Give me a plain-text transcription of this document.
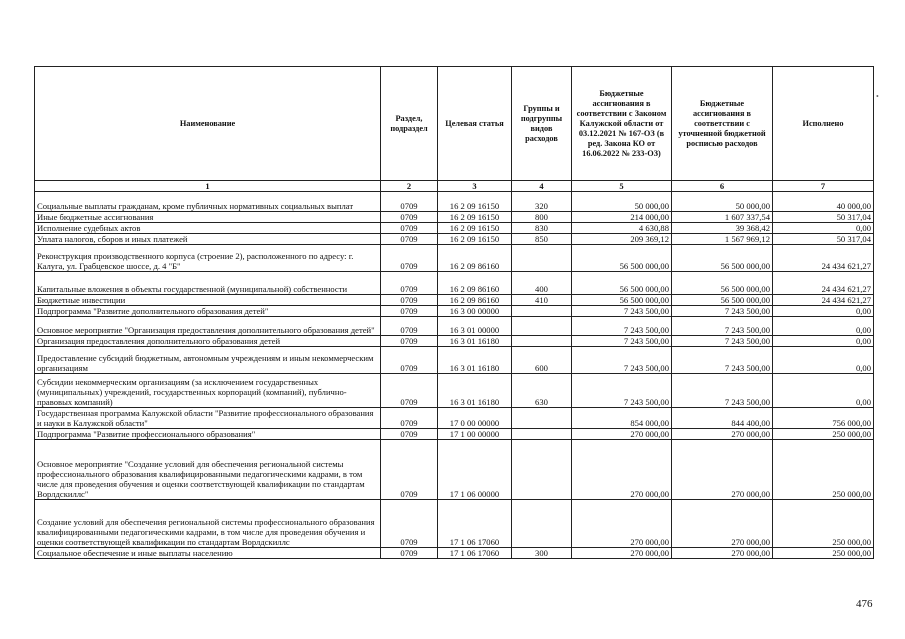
Наименование	Раздел, подраздел	Целевая статья	Группы и подгруппы видов расходов	Бюджетные ассигнования в соответствии с Законом Калужской области от 03.12.2021 № 167-ОЗ (в ред. Закона КО от 16.06.2022 № 233-ОЗ)	Бюджетные ассигнования в соответствии с уточненной бюджетной росписью расходов	Исполнено
1	2	3	4	5	6	7
Социальные выплаты гражданам, кроме публичных нормативных социальных выплат	0709	16 2 09 16150	320	50 000,00	50 000,00	40 000,00
Иные бюджетные ассигнования	0709	16 2 09 16150	800	214 000,00	1 607 337,54	50 317,04
Исполнение судебных актов	0709	16 2 09 16150	830	4 630,88	39 368,42	0,00
Уплата налогов, сборов и иных платежей	0709	16 2 09 16150	850	209 369,12	1 567 969,12	50 317,04
Реконструкция производственного корпуса (строение 2), расположенного по адресу: г. Калуга, ул. Грабцевское шоссе, д. 4 "Б"	0709	16 2 09 86160		56 500 000,00	56 500 000,00	24 434 621,27
Капитальные вложения в объекты государственной (муниципальной) собственности	0709	16 2 09 86160	400	56 500 000,00	56 500 000,00	24 434 621,27
Бюджетные инвестиции	0709	16 2 09 86160	410	56 500 000,00	56 500 000,00	24 434 621,27
Подпрограмма "Развитие дополнительного образования детей"	0709	16 3 00 00000		7 243 500,00	7 243 500,00	0,00
Основное мероприятие "Организация предоставления дополнительного образования детей"	0709	16 3 01 00000		7 243 500,00	7 243 500,00	0,00
Организация предоставления дополнительного образования детей	0709	16 3 01 16180		7 243 500,00	7 243 500,00	0,00
Предоставление субсидий бюджетным, автономным учреждениям и иным некоммерческим организациям	0709	16 3 01 16180	600	7 243 500,00	7 243 500,00	0,00
Субсидии некоммерческим организациям (за исключением государственных (муниципальных) учреждений, государственных корпораций (компаний), публично-правовых компаний)	0709	16 3 01 16180	630	7 243 500,00	7 243 500,00	0,00
Государственная программа Калужской области "Развитие профессионального образования и науки в Калужской области"	0709	17 0 00 00000		854 000,00	844 400,00	756 000,00
Подпрограмма "Развитие профессионального образования"	0709	17 1 00 00000		270 000,00	270 000,00	250 000,00
Основное мероприятие "Создание условий для обеспечения региональной системы профессионального образования квалифицированными педагогическими кадрами, в том числе для проведения обучения и оценки соответствующей квалификации по стандартам Ворлдскиллс"	0709	17 1 06 00000		270 000,00	270 000,00	250 000,00
Создание условий для обеспечения региональной системы профессионального образования квалифицированными педагогическими кадрами, в том числе для проведения обучения и оценки соответствующей квалификации по стандартам Ворлдскиллс	0709	17 1 06 17060		270 000,00	270 000,00	250 000,00
Социальное обеспечение и иные выплаты населению	0709	17 1 06 17060	300	270 000,00	270 000,00	250 000,00
476
•
